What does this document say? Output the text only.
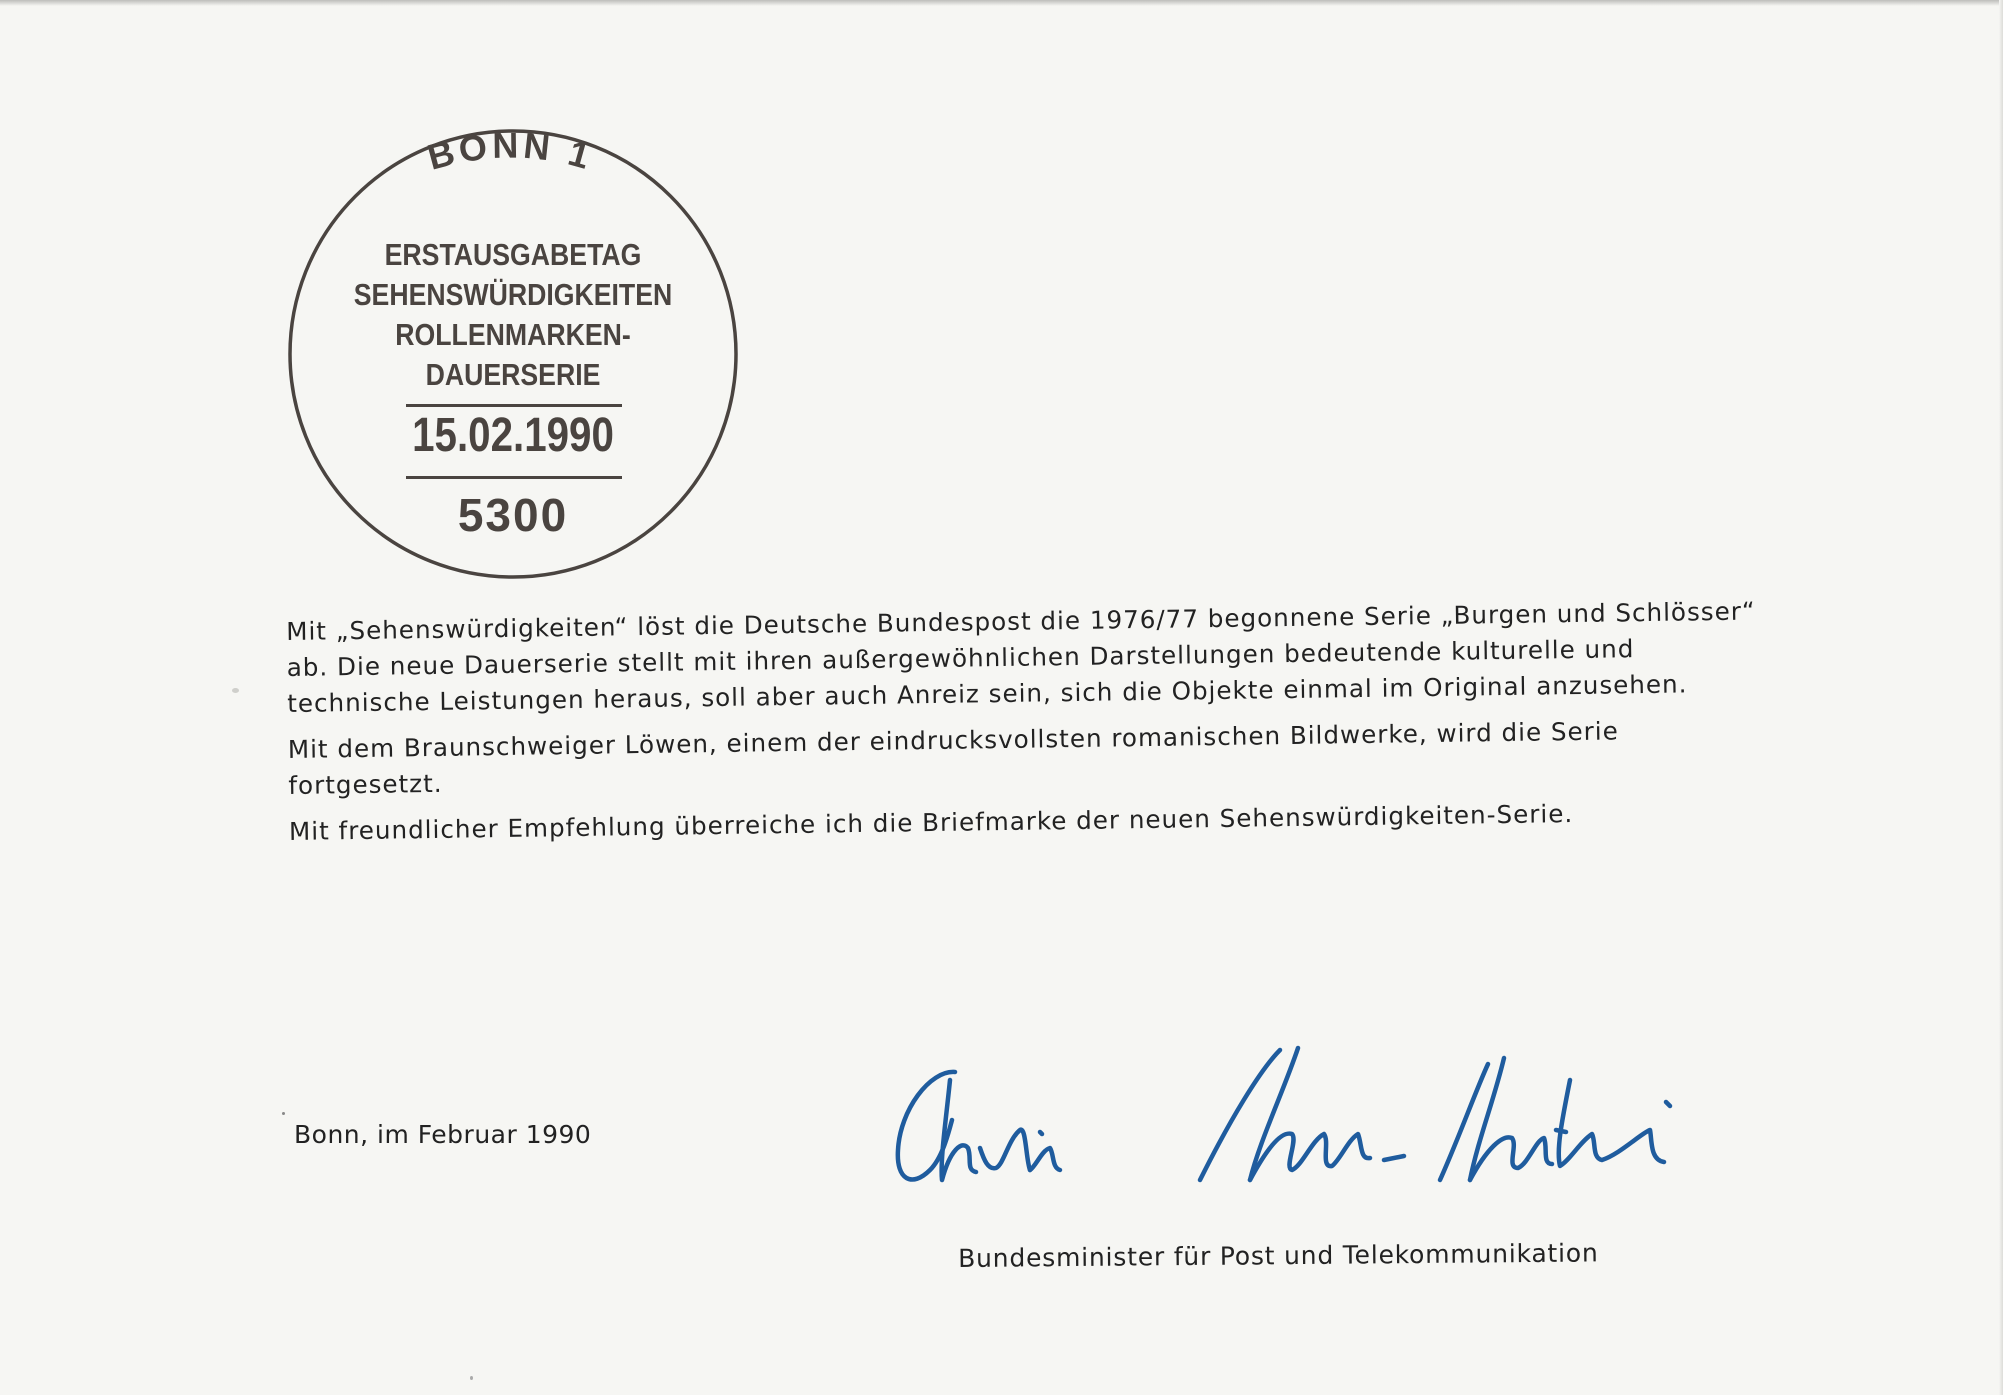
BONN 1
ERSTAUSGABETAG
SEHENSWÜRDIGKEITEN
ROLLENMARKEN-
DAUERSERIE
15.02.1990
5300

Mit „Sehenswürdigkeiten“ löst die Deutsche Bundespost die 1976/77 begonnene Serie „Burgen und Schlösser“ ab. Die neue Dauerserie stellt mit ihren außergewöhnlichen Darstellungen bedeutende kulturelle und technische Leistungen heraus, soll aber auch Anreiz sein, sich die Objekte einmal im Original anzusehen.

Mit dem Braunschweiger Löwen, einem der eindrucksvollsten romanischen Bildwerke, wird die Serie fortgesetzt.

Mit freundlicher Empfehlung überreiche ich die Briefmarke der neuen Sehenswürdigkeiten-Serie.

Bonn, im Februar 1990
Bundesminister für Post und Telekommunikation
